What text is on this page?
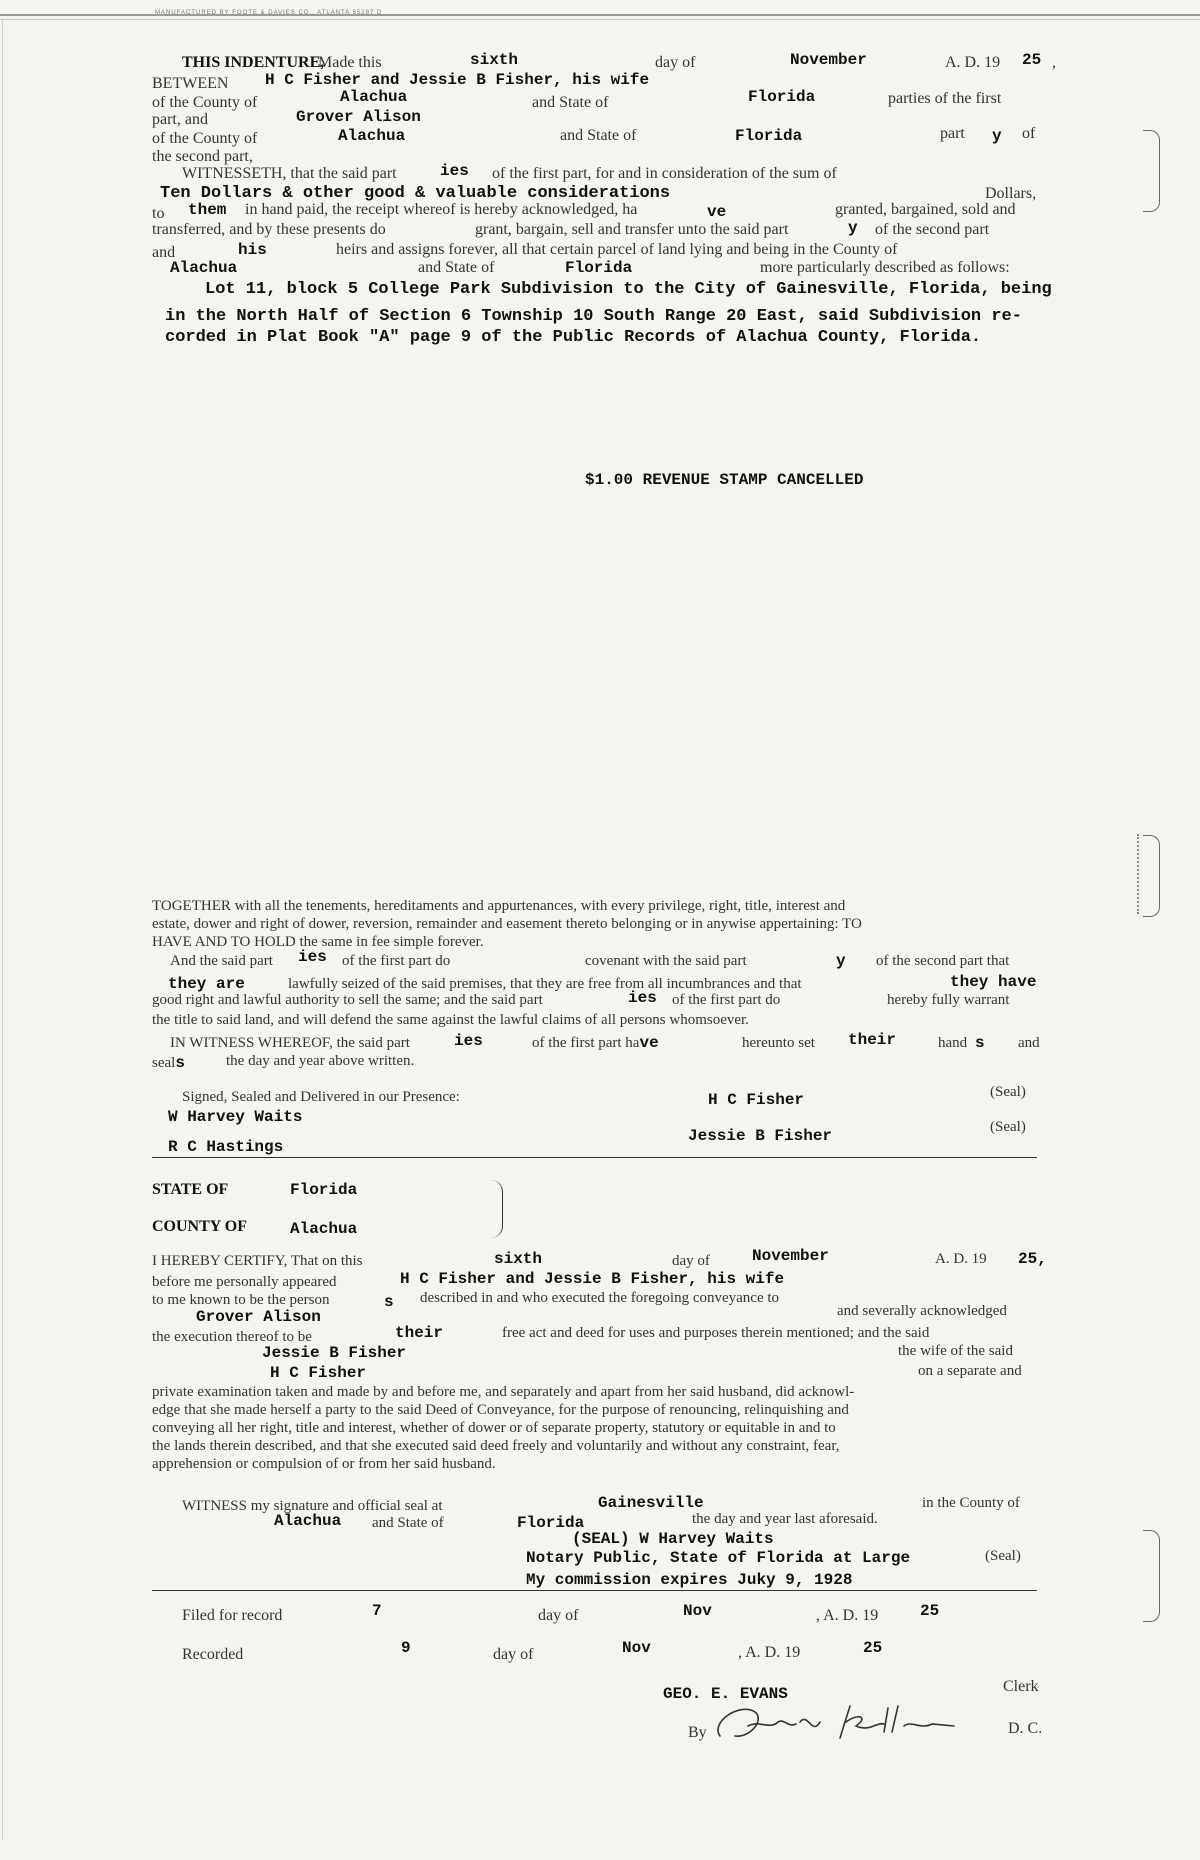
MANUFACTURED BY FOOTE & DAVIES CO., ATLANTA 65287 D
THIS INDENTURE,
Made this	sixth	day of	November	A. D. 19 25 ,
BETWEEN H C Fisher and Jessie B Fisher, his wife
of the County of	Alachua	and State of	Florida	parties of the first
part, and	Grover Alison
of the County of	Alachua	and State of	Florida	part y of
the second part,
WITNESSETH, that the said part	ies of the first part, for and in consideration of the sum of
Ten Dollars & other good & valuable considerations	Dollars,
to them in hand paid, the receipt whereof is hereby acknowledged, ha	ve	granted, bargained, sold and
transferred, and by these presents do	grant, bargain, sell and transfer unto the said part	y of the second part
and	his	heirs and assigns forever, all that certain parcel of land lying and being in the County of
Alachua	and State of	Florida	more particularly described as follows:
Lot 11, block 5 College Park Subdivision to the City of Gainesville, Florida, being
in the North Half of Section 6 Township 10 South Range 20 East, said Subdivision re-
corded in Plat Book "A" page 9 of the Public Records of Alachua County, Florida.
$1.00 REVENUE STAMP CANCELLED
TOGETHER with all the tenements, hereditaments and appurtenances, with every privilege, right, title, interest and
estate, dower and right of dower, reversion, remainder and easement thereto belonging or in anywise appertaining: TO
HAVE AND TO HOLD the same in fee simple forever.
And the said part ies of the first part do	covenant with the said part	y of the second part that
they are	lawfully seized of the said premises, that they are free from all incumbrances and that	they have
good right and lawful authority to sell the same; and the said part	ies of the first part do	hereby fully warrant
the title to said land, and will defend the same against the lawful claims of all persons whomsoever.
IN WITNESS WHEREOF, the said part	ies	of the first part have	hereunto set their	hand s and
seals	the day and year above written.
Signed, Sealed and Delivered in our Presence:
W Harvey Waits
R C Hastings
H C Fisher
Jessie B Fisher
(Seal)
(Seal)
STATE OF	Florida
COUNTY OF	Alachua
I HEREBY CERTIFY, That on this	sixth	day of	November	A. D. 19 25,
before me personally appeared	H C Fisher and Jessie B Fisher, his wife
to me known to be the person	s described in and who executed the foregoing conveyance to
Grover Alison	and severally acknowledged
the execution thereof to be	their	free act and deed for uses and purposes therein mentioned; and the said
Jessie B Fisher	the wife of the said
H C Fisher	on a separate and
private examination taken and made by and before me, and separately and apart from her said husband, did acknowl-
edge that she made herself a party to the said Deed of Conveyance, for the purpose of renouncing, relinquishing and
conveying all her right, title and interest, whether of dower or of separate property, statutory or equitable in and to
the lands therein described, and that she executed said deed freely and voluntarily and without any constraint, fear,
apprehension or compulsion of or from her said husband.
WITNESS my signature and official seal at	Gainesville	in the County of
Alachua and State of	Florida	the day and year last aforesaid.
(SEAL) W Harvey Waits
Notary Public, State of Florida at Large	(Seal)
My commission expires Juky 9, 1928
Filed for record	7	day of	Nov	, A. D. 19	25
Recorded	9	day of	Nov	, A. D. 19	25
GEO. E. EVANS	Clerk
By	D. C.
